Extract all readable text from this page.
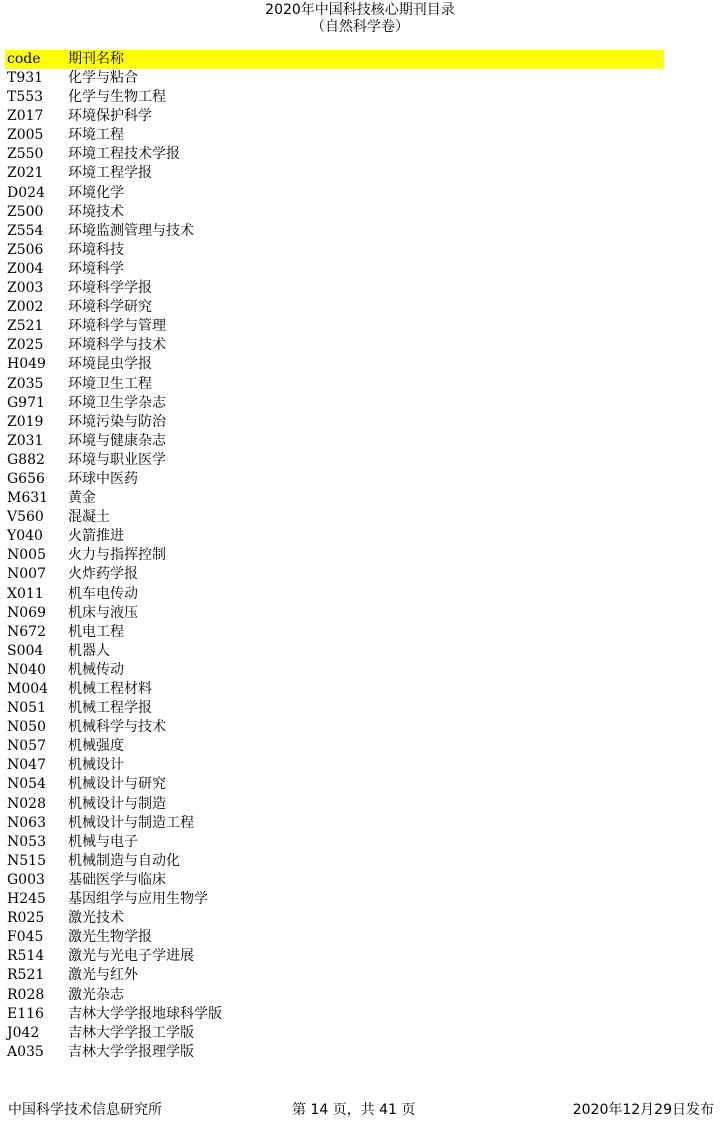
2020年中国科技核心期刊目录
（自然科学卷）
code 期刊名称
T931 化学与粘合
T553 化学与生物工程
Z017 环境保护科学
Z005 环境工程
Z550 环境工程技术学报
Z021 环境工程学报
D024 环境化学
Z500 环境技术
Z554 环境监测管理与技术
Z506 环境科技
Z004 环境科学
Z003 环境科学学报
Z002 环境科学研究
Z521 环境科学与管理
Z025 环境科学与技术
H049 环境昆虫学报
Z035 环境卫生工程
G971 环境卫生学杂志
Z019 环境污染与防治
Z031 环境与健康杂志
G882 环境与职业医学
G656 环球中医药
M631 黄金
V560 混凝土
Y040 火箭推进
N005 火力与指挥控制
N007 火炸药学报
X011 机车电传动
N069 机床与液压
N672 机电工程
S004 机器人
N040 机械传动
M004 机械工程材料
N051 机械工程学报
N050 机械科学与技术
N057 机械强度
N047 机械设计
N054 机械设计与研究
N028 机械设计与制造
N063 机械设计与制造工程
N053 机械与电子
N515 机械制造与自动化
G003 基础医学与临床
H245 基因组学与应用生物学
R025 激光技术
F045 激光生物学报
R514 激光与光电子学进展
R521 激光与红外
R028 激光杂志
E116 吉林大学学报地球科学版
J042 吉林大学学报工学版
A035 吉林大学学报理学版
中国科学技术信息研究所	第 14 页，共 41 页	2020年12月29日发布
